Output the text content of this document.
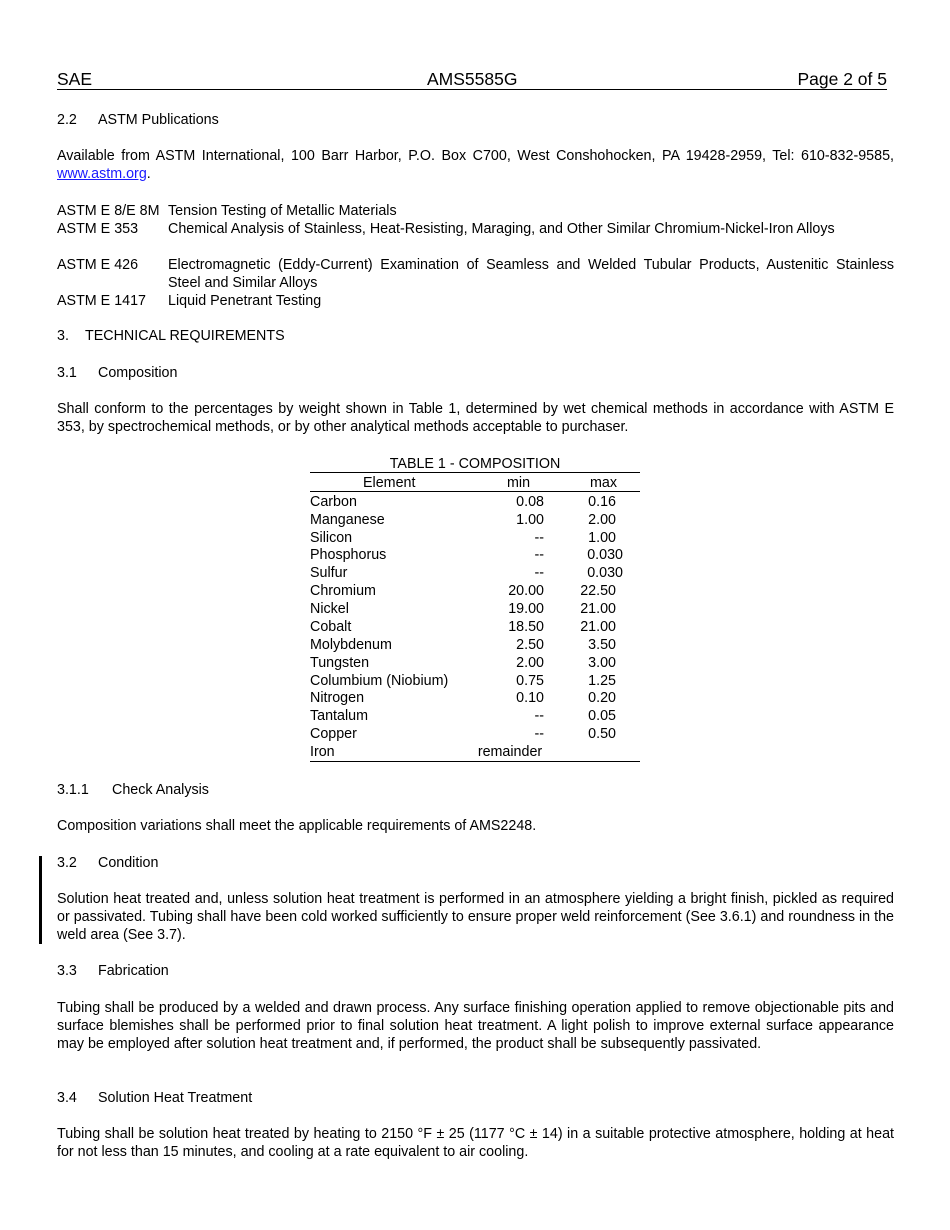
SAE	AMS5585G	Page 2 of 5
2.2 ASTM Publications
Available from ASTM International, 100 Barr Harbor, P.O. Box C700, West Conshohocken, PA 19428-2959, Tel: 610-832-9585, www.astm.org.
ASTM E 8/E 8M Tension Testing of Metallic Materials
ASTM E 353 Chemical Analysis of Stainless, Heat-Resisting, Maraging, and Other Similar Chromium-Nickel-Iron Alloys
ASTM E 426 Electromagnetic (Eddy-Current) Examination of Seamless and Welded Tubular Products, Austenitic Stainless Steel and Similar Alloys
ASTM E 1417 Liquid Penetrant Testing
3. TECHNICAL REQUIREMENTS
3.1 Composition
Shall conform to the percentages by weight shown in Table 1, determined by wet chemical methods in accordance with ASTM E 353, by spectrochemical methods, or by other analytical methods acceptable to purchaser.
TABLE 1 - COMPOSITION
Element	min	max
Carbon	0.08	0.16
Manganese	1.00	2.00
Silicon	--	1.00
Phosphorus	--	0.030
Sulfur	--	0.030
Chromium	20.00	22.50
Nickel	19.00	21.00
Cobalt	18.50	21.00
Molybdenum	2.50	3.50
Tungsten	2.00	3.00
Columbium (Niobium)	0.75	1.25
Nitrogen	0.10	0.20
Tantalum	--	0.05
Copper	--	0.50
Iron	remainder
3.1.1 Check Analysis
Composition variations shall meet the applicable requirements of AMS2248.
3.2 Condition
Solution heat treated and, unless solution heat treatment is performed in an atmosphere yielding a bright finish, pickled as required or passivated. Tubing shall have been cold worked sufficiently to ensure proper weld reinforcement (See 3.6.1) and roundness in the weld area (See 3.7).
3.3 Fabrication
Tubing shall be produced by a welded and drawn process. Any surface finishing operation applied to remove objectionable pits and surface blemishes shall be performed prior to final solution heat treatment. A light polish to improve external surface appearance may be employed after solution heat treatment and, if performed, the product shall be subsequently passivated.
3.4 Solution Heat Treatment
Tubing shall be solution heat treated by heating to 2150 °F ± 25 (1177 °C ± 14) in a suitable protective atmosphere, holding at heat for not less than 15 minutes, and cooling at a rate equivalent to air cooling.
